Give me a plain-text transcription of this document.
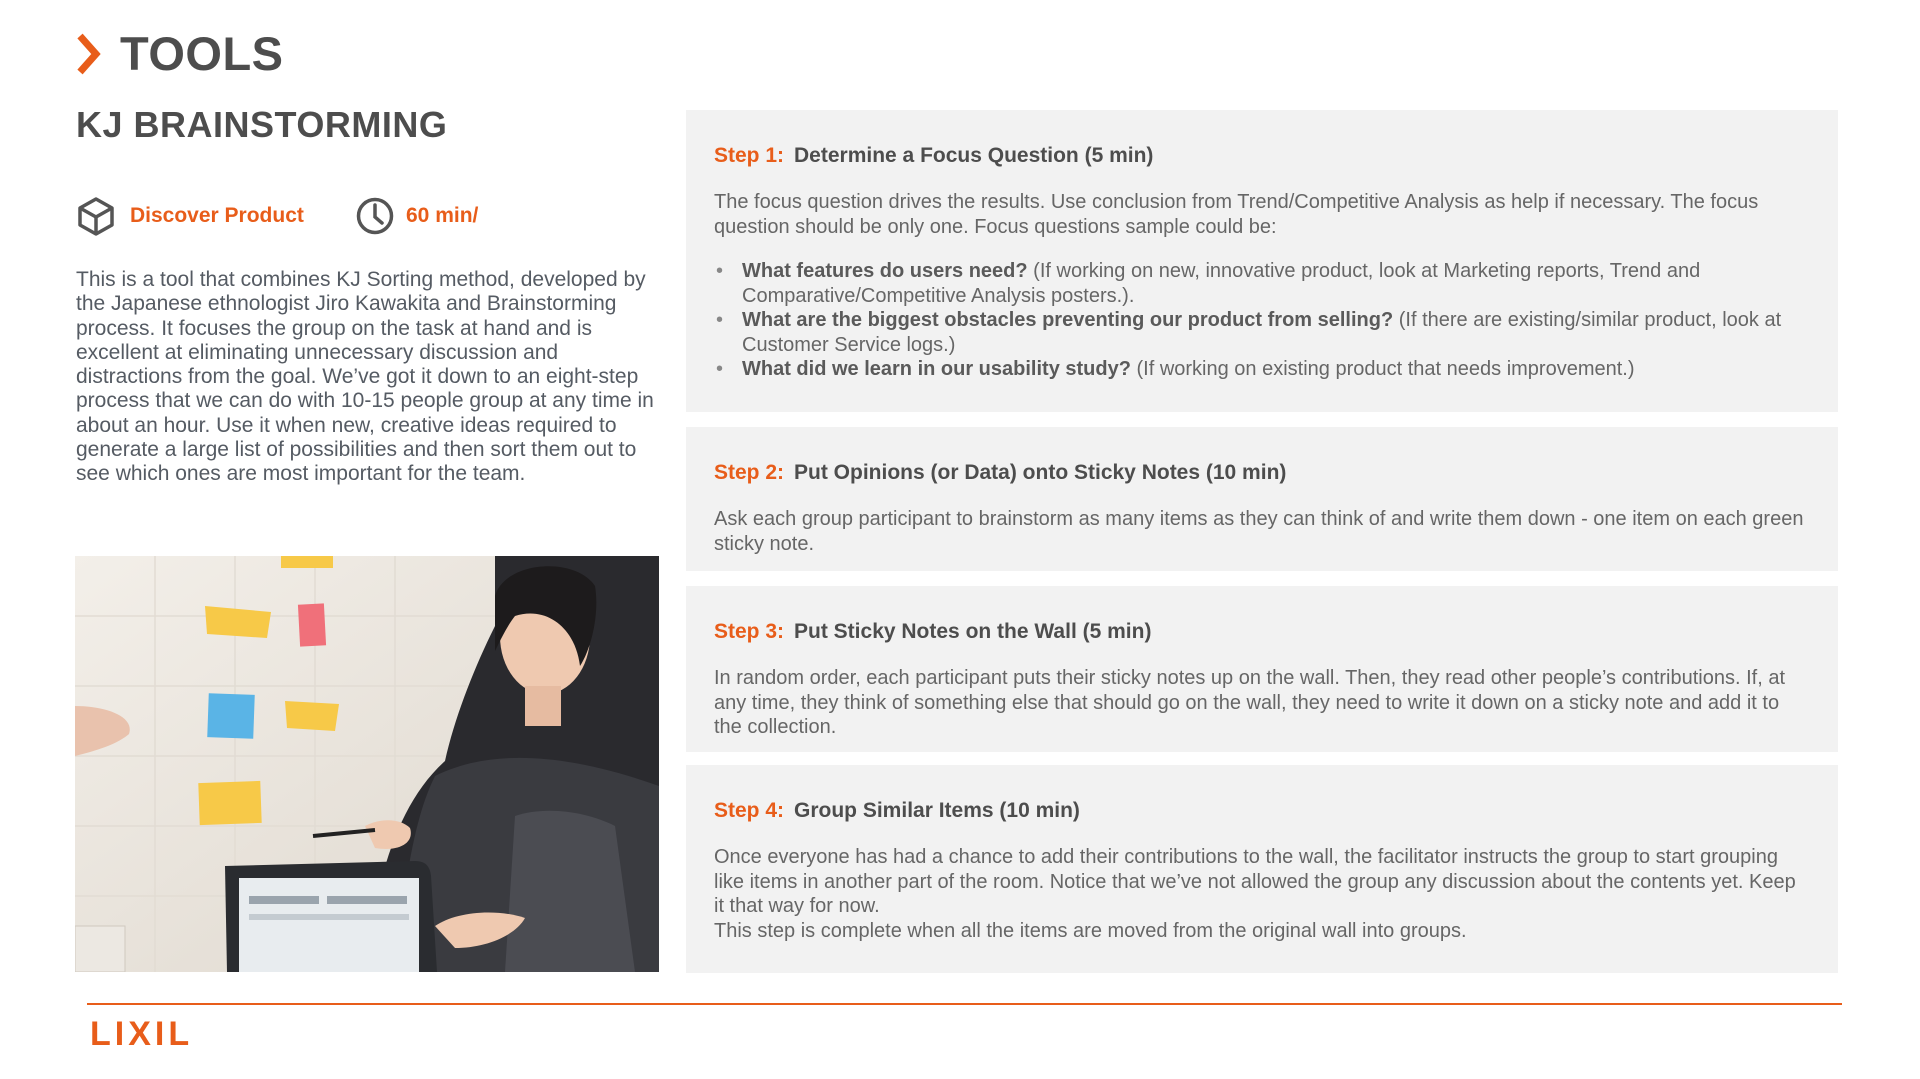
TOOLS
KJ BRAINSTORMING
Discover Product	60 min/
This is a tool that combines KJ Sorting method, developed by the Japanese ethnologist Jiro Kawakita and Brainstorming process. It focuses the group on the task at hand and is excellent at eliminating unnecessary discussion and distractions from the goal. We’ve got it down to an eight-step process that we can do with 10-15 people group at any time in about an hour. Use it when new, creative ideas required to generate a large list of possibilities and then sort them out to see which ones are most important for the team.
Step 1: Determine a Focus Question (5 min)

The focus question drives the results. Use conclusion from Trend/Competitive Analysis as help if necessary. The focus question should be only one. Focus questions sample could be:

• What features do users need? (If working on new, innovative product, look at Marketing reports, Trend and Comparative/Competitive Analysis posters.).
• What are the biggest obstacles preventing our product from selling? (If there are existing/similar product, look at Customer Service logs.)
• What did we learn in our usability study? (If working on existing product that needs improvement.)
Step 2: Put Opinions (or Data) onto Sticky Notes (10 min)

Ask each group participant to brainstorm as many items as they can think of and write them down - one item on each green sticky note.

Step 3: Put Sticky Notes on the Wall (5 min)

In random order, each participant puts their sticky notes up on the wall. Then, they read other people’s contributions. If, at any time, they think of something else that should go on the wall, they need to write it down on a sticky note and add it to the collection.

Step 4: Group Similar Items (10 min)

Once everyone has had a chance to add their contributions to the wall, the facilitator instructs the group to start grouping like items in another part of the room. Notice that we’ve not allowed the group any discussion about the contents yet. Keep it that way for now.

This step is complete when all the items are moved from the original wall into groups.

LIXIL
